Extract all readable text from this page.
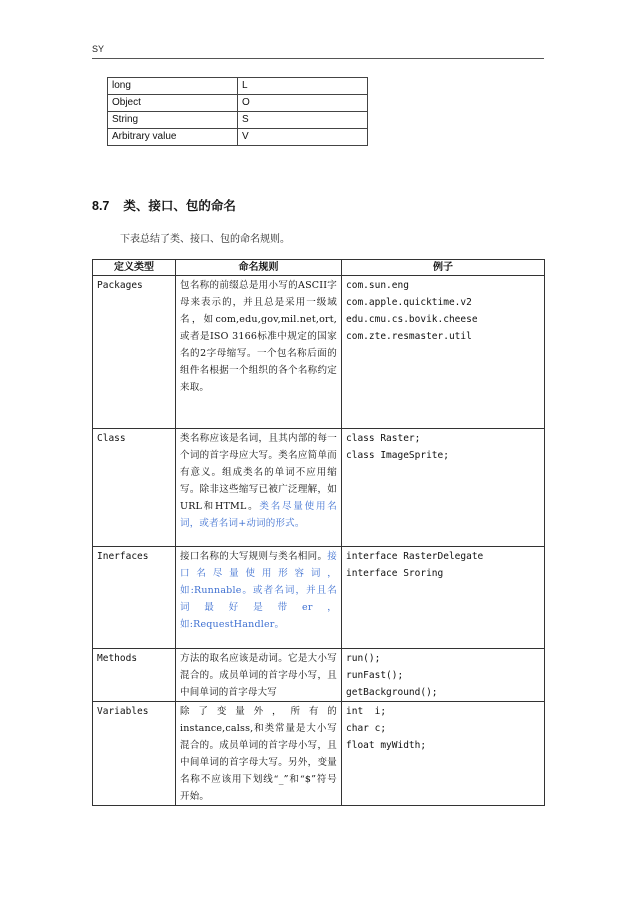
SY
long	L
Object	O
String	S
Arbitrary value	V
8.7 类、接口、包的命名
下表总结了类、接口、包的命名规则。
定义类型	命名规则	例子
Packages	包名称的前缀总是用小写的ASCII字母来表示的，并且总是采用一级域名，如com,edu,gov,mil.net,ort,或者是ISO 3166标准中规定的国家名的2字母缩写。一个包名称后面的组件名根据一个组织的各个名称约定来取。	com.sun.eng
com.apple.quicktime.v2
edu.cmu.cs.bovik.cheese
com.zte.resmaster.util

Class	类名称应该是名词，且其内部的每一个词的首字母应大写。类名应简单而有意义。组成类名的单词不应用缩写。除非这些缩写已被广泛理解，如URL和HTML。类名尽量使用名词，或者名词+动词的形式。	class Raster;
class ImageSprite;

Inerfaces	接口名称的大写规则与类名相同。接口名尽量使用形容词，如:Runnable。或者名词，并且名词最好是带er，如:RequestHandler。	interface RasterDelegate
interface Sroring

Methods	方法的取名应该是动词。它是大小写混合的。成员单词的首字母小写，且中间单词的首字母大写	run();
runFast();
getBackground();

Variables	除了变量外，所有的instance,calss,和类常量是大小写混合的。成员单词的首字母小写，且中间单词的首字母大写。另外，变量名称不应该用下划线“_”和“$”符号开始。	int  i;
char c;
float myWidth;
